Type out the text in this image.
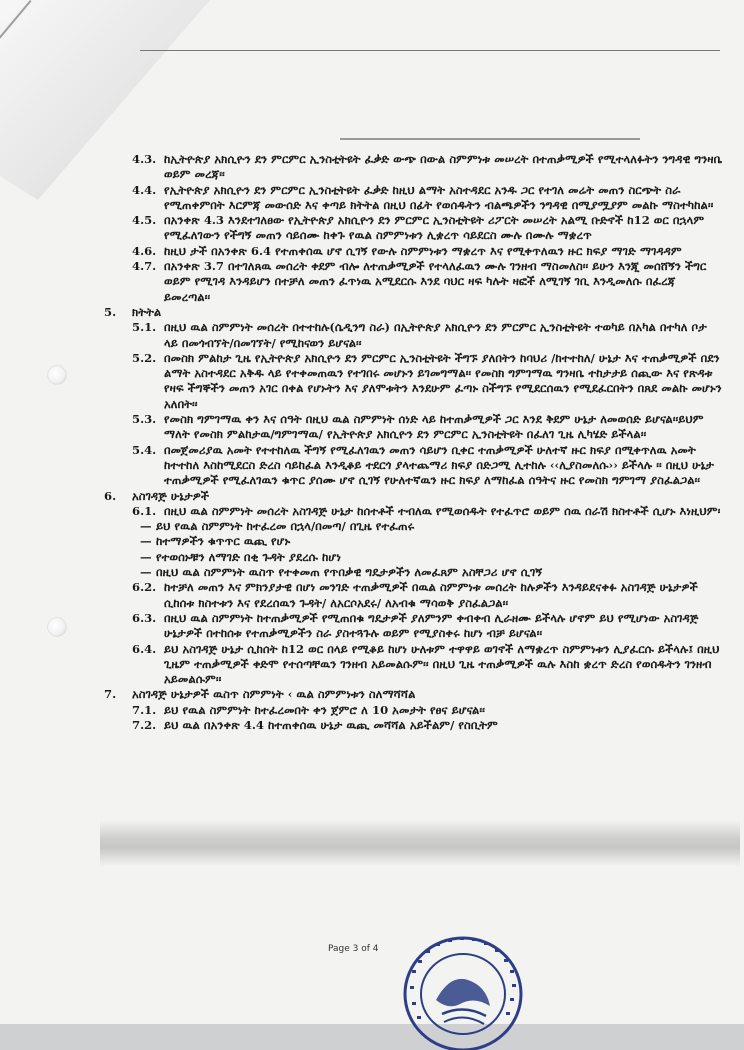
4.3. ከኢትዮጵያ አክሲዮን ደን ምርምር ኢንስቲትዩት ፈቃድ ውጭ በውል ስምምነቱ መሠረት በተጠቃሚዎች የሚተላለፉትን ንግዳዊ ግንዛቤ ወይም መረጃ፡፡
4.4. የኢትዮጵያ አክሲዮን ደን ምርምር ኢንስቲትዩት ፈቃድ ከዚህ ልማት አስተዳደር አንዱ ጋር የተገለ መሬት መጠን ስርጭት ስራ የሚጠቀምበት እርምጃ መውሰድ እና ቀጣይ ክትትል በዚህ በፊት የወሰዱትን ብልጫዎችን ንግዳዊ በሚያሟያም መልኩ ማስተካከል፡፡
4.5. በአንቀጽ 4.3 እንደተገለፀው የኢትዮጵያ አክሲዮን ደን ምርምር ኢንስቲትዩት ሪፖርት መሠረት አልሚ ቡድኖች ከ12 ወር በኋላም የሚፈለገውን የችግኝ መጠን ሳይሰሙ ከቀጉ የዉል ስምምነቱን ሊቋረጥ ሳይደርስ ሙሉ በሙሉ ማቋረጥ
4.6. ከዚህ ታች በአንቀጽ 6.4 የተጠቀሰዉ ሆኖ ሲገኝ የውሉ ስምምነቱን ማቋረጥ እና የሚቀጥለዉን ዙር ክፍያ ማገድ ማገዳዳም
4.7. በአንቀጽ 3.7 በተገለጸዉ መሰረት ቀደም ብሎ ለተጠቃሚዎች የተላለፈዉን ሙሉ ገንዘብ ማስመለስ፡፡ ይሁን እንጂ መሰሸኝን ችግር ወይም የሚገዳ እንዳይሆን በተቻለ መጠን ፈጥነዉ አሚደርሱ እንደ ባህር ዛፍ ካሉት ዛፎች ለሚገኝ ገቢ እንዲመለሱ በፈረጃ ይመረጣል፡፡
5. ክትትል
5.1. በዚህ ዉል ስምምነት መሰረት በተተከሉ(ሴዲንግ ስራ) በኢትዮጵያ አክሲዮን ደን ምርምር ኢንስቲትዩት ተወካይ በአካል በተካለ ቦታ ላይ በመጎብኘት/በመገኘት/ የሚከናወን ይሆናል፡፡
5.2. በመስክ ምልከታ ጊዜ የኢትዮጵያ አክሲዮን ደን ምርምር ኢንስቲትዩት ችግኙ ያለበትን ከባህሪ /ከተተከለ/ ሁኔታ እና ተጠቃሚዎች በደን ልማት አስተዳደር አቅዱ ላይ የተቀመጠዉን የተገበሩ መሆኑን ይገመግማል፡፡ የመስክ ግምገማዉ ግንዛቤ ተከታታይ ሰጪው እና የጽዳቱ የዛፍ ችግኞችን መጠን አገር በቀል የሆኑትን እና ያለሞቱትን እንደሁም ፈጣኑ ስችግኙ የሚደርሰዉን የሚደፈርበትን በጸደ መልኩ መሆኑን አለበት፡፡
5.3. የመስክ ግምገማዉ ቀን እና ሰዓት በዚህ ዉል ስምምነት ሰነድ ላይ ከተጠቃሚዎች ጋር እንደ ቅደም ሁኔታ ለመወሰድ ይሆናል፡፡ይህም ማለት የመስክ ምልከታዉ/ግምገማዉ/ የኢትዮጵያ አክሲዮን ደን ምርምር ኢንስቲትዩት በፈለገ ጊዜ ሊካሄድ ይችላል፡፡
5.4. በመጀመሪያዉ አመት የተተከለዉ ችግኝ የሚፈለገዉን መጠን ሳይሆን ቢቀር ተጠቃሚዎች ሁለተኛ ዙር ክፍያ በሚቀጥለዉ አመት ከተተከለ እስከሚደርስ ድረስ ሳይከፈል እንዲቆይ ተደርጎ ያላተጨማሪ ክፍያ በድጋሚ ሊተከሉ ‹‹ሊያስመለሱ›› ይችላሉ ፡፡ በዚህ ሁኔታ ተጠቃሚዎች የሚፈለገዉን ቁጥር ያሰሙ ሆኖ ሲገኝ የሁለተኛዉን ዙር ክፍያ ለማከፈል ሰዓትና ዙር የመስክ ግምገማ ያስፈልጋል፡፡
6. አስገዳጅ ሁኔታዎች
6.1. በዚህ ዉል ስምምነት መሰረት አስገዳጅ ሁኔታ ከሰተቶች ተብለዉ የሚወሰዱት የተፈጥሮ ወይም ሰዉ ሰራሽ ክስተቶች ሲሆኑ እነዚህም፡
— ይህ የዉል ስምምነት ከተፈረመ በኋላ/በመጣ/ በጊዜ የተፈጠሩ
— ከተማዎችን ቁጥጥር ዉጪ የሆኑ
— የተወሰኑቹን ለማገድ በቂ ጉዳት ያደረሱ ከሆነ
— በዚህ ዉል ስምምነት ዉስጥ የተቀመጠ የጥበቃዊ ግዴታዎችን ለመፈጸም አስቸጋሪ ሆኖ ሲገኝ
6.2. ከተቻለ መጠን እና ምክንያታዊ በሆነ መንገድ ተጠቃሚዎች በዉል ስምምነቱ መሰረት ከሉዎችን እንዳይደናቀፉ አስገዳጅ ሁኔታዎች ሲከሰቱ ክስተቱን እና የደረሰዉን ጉዳት/ ለአርሶአደሩ/ ለአብቁ ማሳወቅ ያስፈልጋል፡፡
6.3. በዚህ ዉል ስምምነት ከተጠቃሚዎች የሚጠበቁ ግዴታዎች ያለምንም ቀብቀብ ሊራዘሙ ይችላሉ ሆኖም ይህ የሚሆነው አስገዳጅ ሁኔታዎች በተከሰቱ የተጠቃሚዎችን ስራ ያስተጓጉሉ ወይም የሚያስቀሩ ከሆነ ብቻ ይሆናል፡፡
6.4. ይህ አስገዳጅ ሁኔታ ሲከሰት ከ12 ወር በላይ የሚቆይ ከሆነ ሁለቱም ተዋዋይ ወገኖች ለማቋረጥ ስምምነቱን ሊያፈርሱ ይችላሉ፤ በዚህ ጊዜም ተጠቃሚዎች ቀድሞ የተሰጣቸዉን ገንዘብ አይመልሱም፡፡ በዚህ ጊዜ ተጠቃሚዎች ዉሉ እስከ ቋረጥ ድረስ የወሰዱትን ገንዘብ አይመልሱም፡፡
7. አስገዳጅ ሁኔታዎች ዉስጥ ስምምነት ‹ ዉል ስምምነቱን ስለማሻሻል
7.1. ይህ የዉል ስምምነት ከተፈረመበት ቀን ጀምሮ ለ 10 አመታት የፀና ይሆናል፡፡
7.2. ይህ ዉል በአንቀጽ 4.4 ከተጠቀሰዉ ሁኔታ ዉጪ መሻሻል አይችልም/ የስቢትም
Page 3 of 4
